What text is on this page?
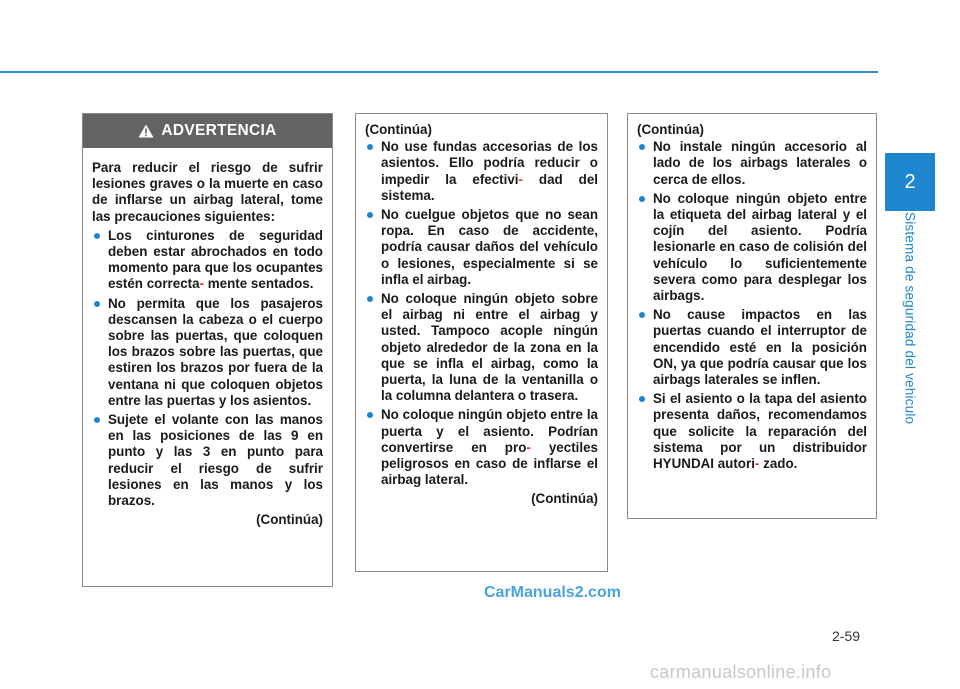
2
Sistema de seguridad del vehiculo
ADVERTENCIA

Para reducir el riesgo de sufrir lesiones graves o la muerte en caso de inflarse un airbag lateral, tome las precauciones siguientes:

Los cinturones de seguridad deben estar abrochados en todo momento para que los ocupantes estén correcta- mente sentados.
No permita que los pasajeros descansen la cabeza o el cuerpo sobre las puertas, que coloquen los brazos sobre las puertas, que estiren los brazos por fuera de la ventana ni que coloquen objetos entre las puertas y los asientos.
Sujete el volante con las manos en las posiciones de las 9 en punto y las 3 en punto para reducir el riesgo de sufrir lesiones en las manos y los brazos.
(Continúa)
(Continúa)
No use fundas accesorias de los asientos. Ello podría reducir o impedir la efectivi- dad del sistema.
No cuelgue objetos que no sean ropa. En caso de accidente, podría causar daños del vehículo o lesiones, especialmente si se infla el airbag.
No coloque ningún objeto sobre el airbag ni entre el airbag y usted. Tampoco acople ningún objeto alrededor de la zona en la que se infla el airbag, como la puerta, la luna de la ventanilla o la columna delantera o trasera.
No coloque ningún objeto entre la puerta y el asiento. Podrían convertirse en pro- yectiles peligrosos en caso de inflarse el airbag lateral.
(Continúa)
(Continúa)
No instale ningún accesorio al lado de los airbags laterales o cerca de ellos.
No coloque ningún objeto entre la etiqueta del airbag lateral y el cojín del asiento. Podría lesionarle en caso de colisión del vehículo lo suficientemente severa como para desplegar los airbags.
No cause impactos en las puertas cuando el interruptor de encendido esté en la posición ON, ya que podría causar que los airbags laterales se inflen.
Si el asiento o la tapa del asiento presenta daños, recomendamos que solicite la reparación del sistema por un distribuidor HYUNDAI autori- zado.
CarManuals2.com
2-59
carmanualsonline.info
